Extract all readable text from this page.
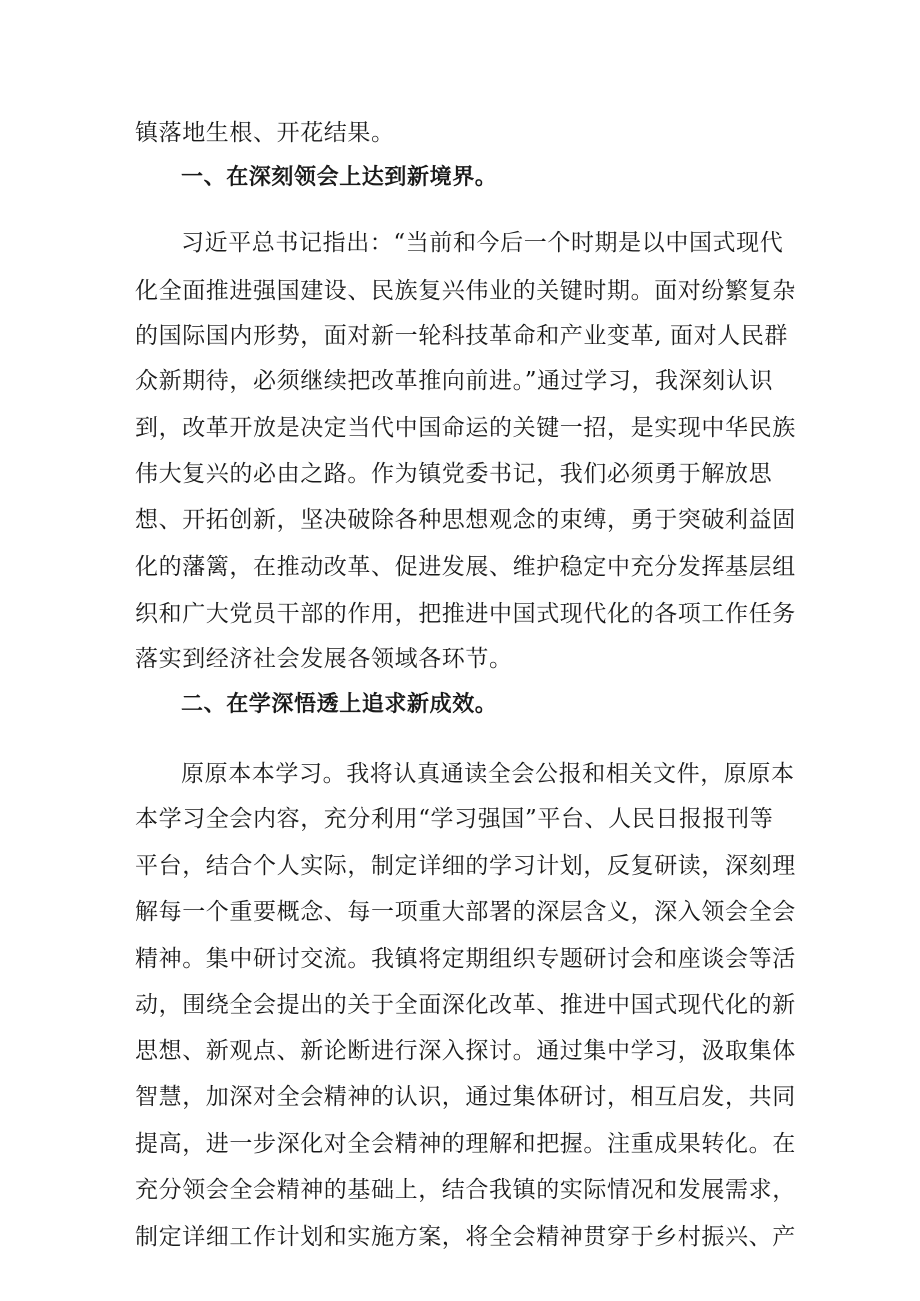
镇落地生根、开花结果。
一、在深刻领会上达到新境界。
习近平总书记指出：“当前和今后一个时期是以中国式现代
化全面推进强国建设、民族复兴伟业的关键时期。面对纷繁复杂
的国际国内形势，面对新一轮科技革命和产业变革, 面对人民群
众新期待，必须继续把改革推向前进。”通过学习，我深刻认识
到，改革开放是决定当代中国命运的关键一招，是实现中华民族
伟大复兴的必由之路。作为镇党委书记，我们必须勇于解放思
想、开拓创新，坚决破除各种思想观念的束缚，勇于突破利益固
化的藩篱，在推动改革、促进发展、维护稳定中充分发挥基层组
织和广大党员干部的作用，把推进中国式现代化的各项工作任务
落实到经济社会发展各领域各环节。
二、在学深悟透上追求新成效。
原原本本学习。我将认真通读全会公报和相关文件，原原本
本学习全会内容，充分利用“学习强国”平台、人民日报报刊等
平台，结合个人实际，制定详细的学习计划，反复研读，深刻理
解每一个重要概念、每一项重大部署的深层含义，深入领会全会
精神。集中研讨交流。我镇将定期组织专题研讨会和座谈会等活
动，围绕全会提出的关于全面深化改革、推进中国式现代化的新
思想、新观点、新论断进行深入探讨。通过集中学习，汲取集体
智慧，加深对全会精神的认识，通过集体研讨，相互启发，共同
提高，进一步深化对全会精神的理解和把握。注重成果转化。在
充分领会全会精神的基础上，结合我镇的实际情况和发展需求，
制定详细工作计划和实施方案，将全会精神贯穿于乡村振兴、产
